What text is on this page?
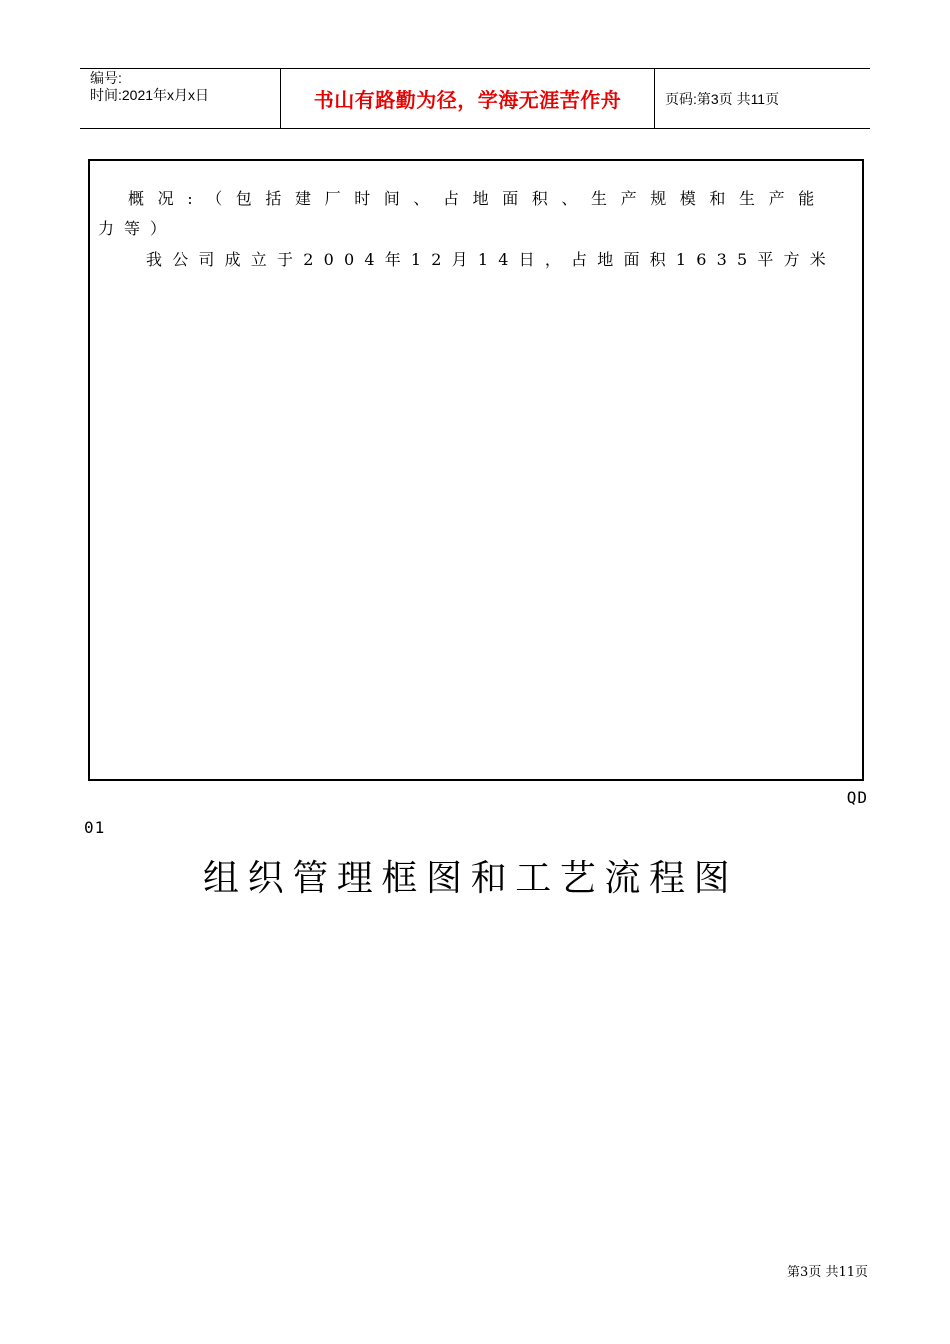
编号:
时间:2021年x月x日	书山有路勤为径，学海无涯苦作舟	页码:第3页 共11页
概况:（包括建厂时间、占地面积、生产规模和生产能
力等）
我公司成立于2004年12月14日，占地面积1635平方米
QD
01
组织管理框图和工艺流程图
第3页 共11页
